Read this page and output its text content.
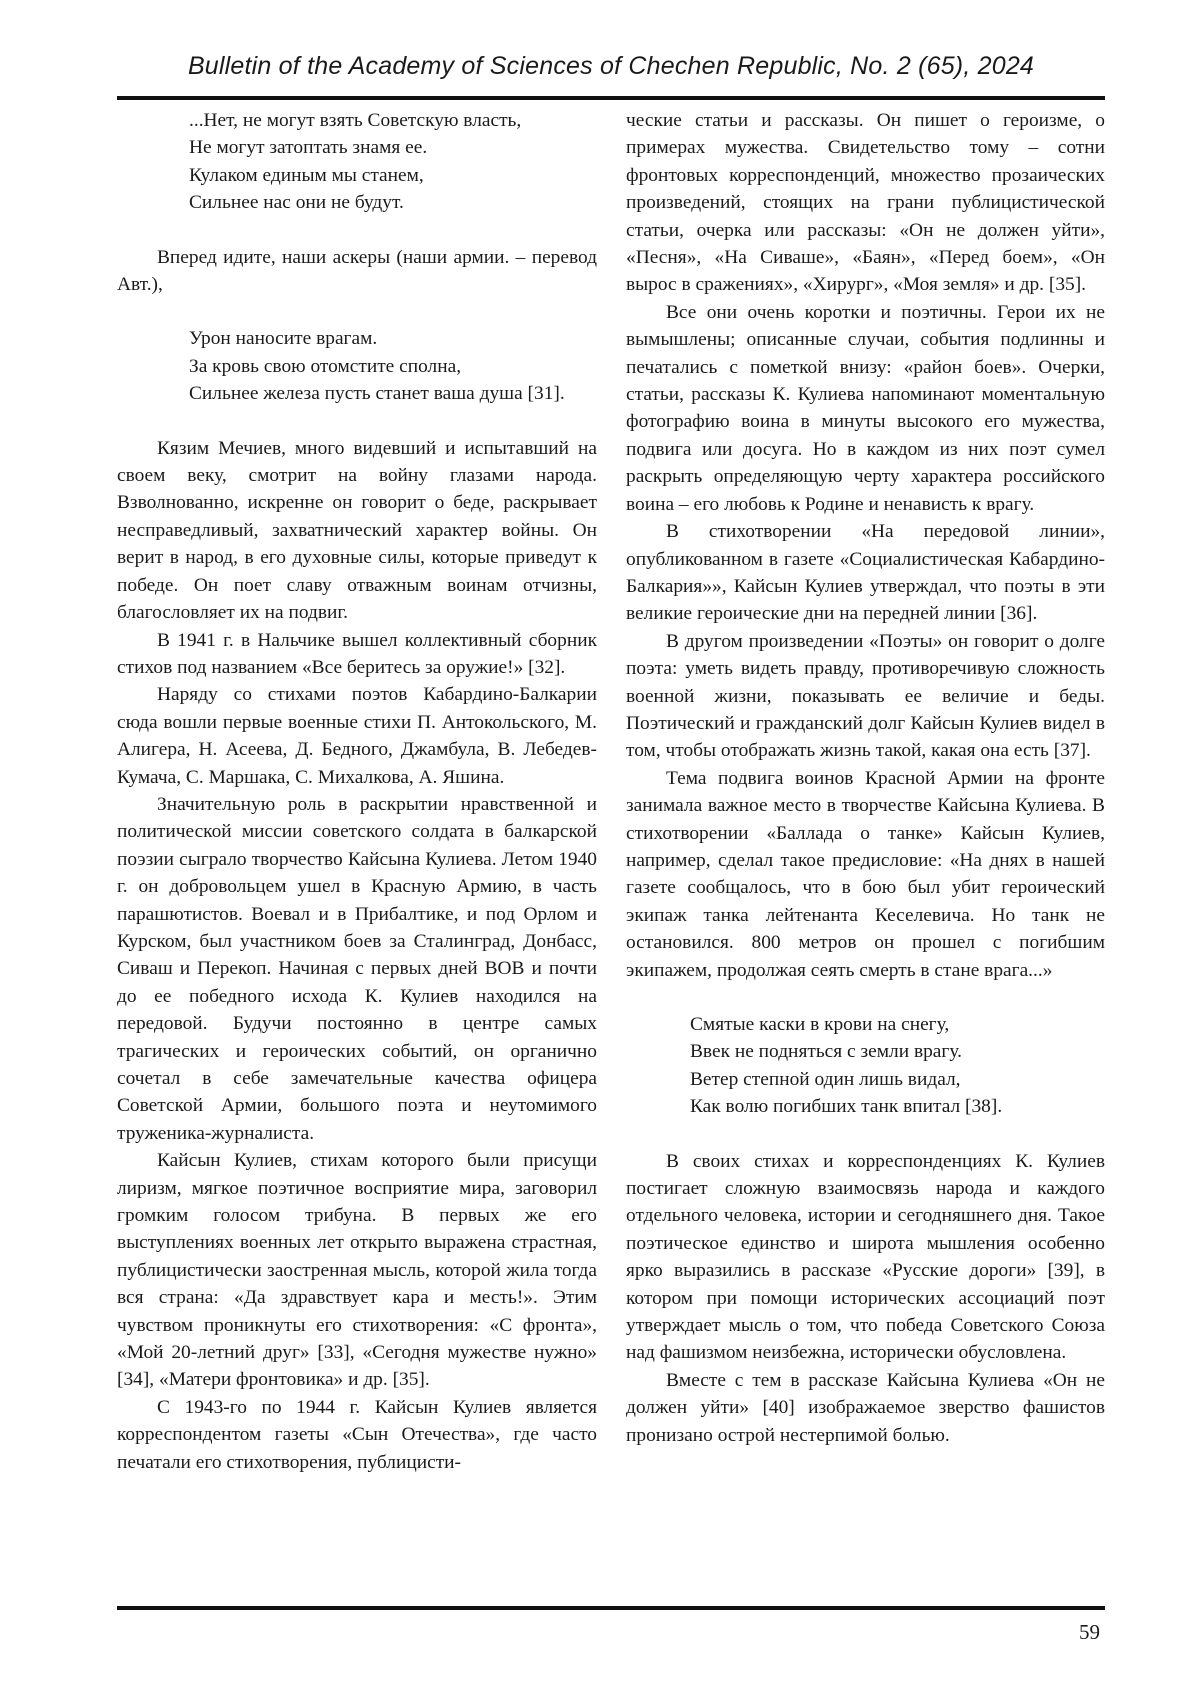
Bulletin of the Academy of Sciences of Chechen Republic, No. 2 (65), 2024
...Нет, не могут взять Советскую власть,
Не могут затоптать знамя ее.
Кулаком единым мы станем,
Сильнее нас они не будут.

Вперед идите, наши аскеры (наши армии. – перевод Авт.),

Урон наносите врагам.
За кровь свою отомстите сполна,
Сильнее железа пусть станет ваша душа [31].

Кязим Мечиев, много видевший и испытавший на своем веку, смотрит на войну глазами народа. Взволнованно, искренне он говорит о беде, раскрывает несправедливый, захватнический характер войны. Он верит в народ, в его духовные силы, которые приведут к победе. Он поет славу отважным воинам отчизны, благословляет их на подвиг.

В 1941 г. в Нальчике вышел коллективный сборник стихов под названием «Все беритесь за оружие!» [32].

Наряду со стихами поэтов Кабардино-Балкарии сюда вошли первые военные стихи П. Антокольского, М. Алигера, Н. Асеева, Д. Бедного, Джамбула, В. Лебедев-Кумача, С. Маршака, С. Михалкова, А. Яшина.

Значительную роль в раскрытии нравственной и политической миссии советского солдата в балкарской поэзии сыграло творчество Кайсына Кулиева. Летом 1940 г. он добровольцем ушел в Красную Армию, в часть парашютистов. Воевал и в Прибалтике, и под Орлом и Курском, был участником боев за Сталинград, Донбасс, Сиваш и Перекоп. Начиная с первых дней ВОВ и почти до ее победного исхода К. Кулиев находился на передовой. Будучи постоянно в центре самых трагических и героических событий, он органично сочетал в себе замечательные качества офицера Советской Армии, большого поэта и неутомимого труженика-журналиста.

Кайсын Кулиев, стихам которого были присущи лиризм, мягкое поэтичное восприятие мира, заговорил громким голосом трибуна. В первых же его выступлениях военных лет открыто выражена страстная, публицистически заостренная мысль, которой жила тогда вся страна: «Да здравствует кара и месть!». Этим чувством проникнуты его стихотворения: «С фронта», «Мой 20-летний друг» [33], «Сегодня мужестве нужно» [34], «Матери фронтовика» и др. [35].

С 1943-го по 1944 г. Кайсын Кулиев является корреспондентом газеты «Сын Отечества», где часто печатали его стихотворения, публицисти-

ческие статьи и рассказы. Он пишет о героизме, о примерах мужества. Свидетельство тому – сотни фронтовых корреспонденций, множество прозаических произведений, стоящих на грани публицистической статьи, очерка или рассказы: «Он не должен уйти», «Песня», «На Сиваше», «Баян», «Перед боем», «Он вырос в сражениях», «Хирург», «Моя земля» и др. [35].

Все они очень коротки и поэтичны. Герои их не вымышлены; описанные случаи, события подлинны и печатались с пометкой внизу: «район боев». Очерки, статьи, рассказы К. Кулиева напоминают моментальную фотографию воина в минуты высокого его мужества, подвига или досуга. Но в каждом из них поэт сумел раскрыть определяющую черту характера российского воина – его любовь к Родине и ненависть к врагу.

В стихотворении «На передовой линии», опубликованном в газете «Социалистическая Кабардино-Балкария»», Кайсын Кулиев утверждал, что поэты в эти великие героические дни на передней линии [36].

В другом произведении «Поэты» он говорит о долге поэта: уметь видеть правду, противоречивую сложность военной жизни, показывать ее величие и беды. Поэтический и гражданский долг Кайсын Кулиев видел в том, чтобы отображать жизнь такой, какая она есть [37].

Тема подвига воинов Красной Армии на фронте занимала важное место в творчестве Кайсына Кулиева. В стихотворении «Баллада о танке» Кайсын Кулиев, например, сделал такое предисловие: «На днях в нашей газете сообщалось, что в бою был убит героический экипаж танка лейтенанта Кеселевича. Но танк не остановился. 800 метров он прошел с погибшим экипажем, продолжая сеять смерть в стане врага...»

Смятые каски в крови на снегу,
Ввек не подняться с земли врагу.
Ветер степной один лишь видал,
Как волю погибших танк впитал [38].

В своих стихах и корреспонденциях К. Кулиев постигает сложную взаимосвязь народа и каждого отдельного человека, истории и сегодняшнего дня. Такое поэтическое единство и широта мышления особенно ярко выразились в рассказе «Русские дороги» [39], в котором при помощи исторических ассоциаций поэт утверждает мысль о том, что победа Советского Союза над фашизмом неизбежна, исторически обусловлена.

Вместе с тем в рассказе Кайсына Кулиева «Он не должен уйти» [40] изображаемое зверство фашистов пронизано острой нестерпимой болью.

59
